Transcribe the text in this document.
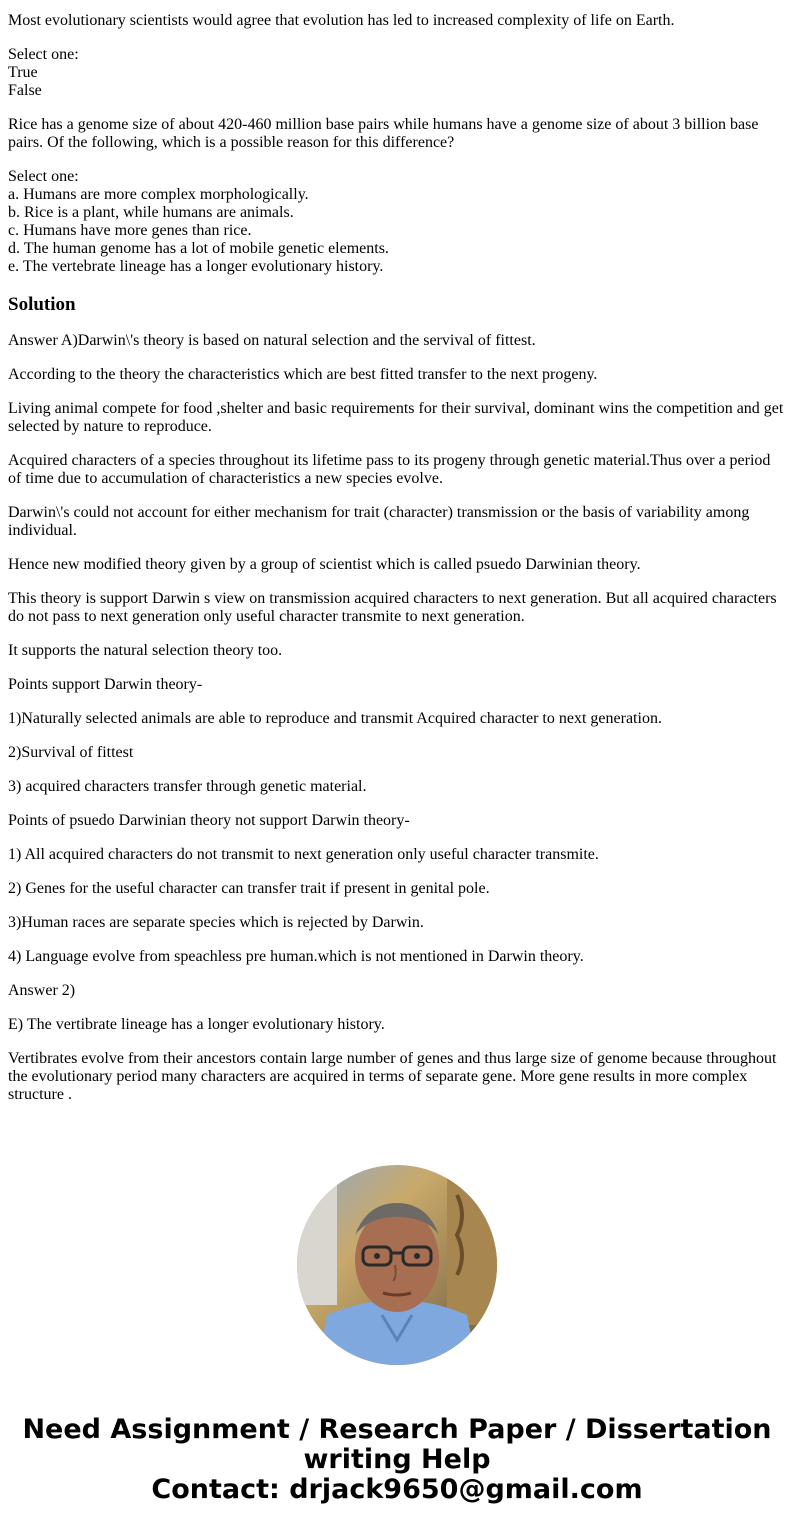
Most evolutionary scientists would agree that evolution has led to increased complexity of life on Earth.

Select one:
True
False

Rice has a genome size of about 420-460 million base pairs while humans have a genome size of about 3 billion base pairs. Of the following, which is a possible reason for this difference?

Select one:
a. Humans are more complex morphologically.
b. Rice is a plant, while humans are animals.
c. Humans have more genes than rice.
d. The human genome has a lot of mobile genetic elements.
e. The vertebrate lineage has a longer evolutionary history.

Solution

Answer A)Darwin\'s theory is based on natural selection and the servival of fittest.

According to the theory the characteristics which are best fitted transfer to the next progeny.

Living animal compete for food ,shelter and basic requirements for their survival, dominant wins the competition and get selected by nature to reproduce.

Acquired characters of a species throughout its lifetime pass to its progeny through genetic material.Thus over a period of time due to accumulation of characteristics a new species evolve.

Darwin\'s could not account for either mechanism for trait (character) transmission or the basis of variability among individual.

Hence new modified theory given by a group of scientist which is called psuedo Darwinian theory.

This theory is support Darwin s view on transmission acquired characters to next generation. But all acquired characters do not pass to next generation only useful character transmite to next generation.

It supports the natural selection theory too.

Points support Darwin theory-

1)Naturally selected animals are able to reproduce and transmit Acquired character to next generation.

2)Survival of fittest

3) acquired characters transfer through genetic material.

Points of psuedo Darwinian theory not support Darwin theory-

1) All acquired characters do not transmit to next generation only useful character transmite.

2) Genes for the useful character can transfer trait if present in genital pole.

3)Human races are separate species which is rejected by Darwin.

4) Language evolve from speachless pre human.which is not mentioned in Darwin theory.

Answer 2)

E) The vertibrate lineage has a longer evolutionary history.

Vertibrates evolve from their ancestors contain large number of genes and thus large size of genome because throughout the evolutionary period many characters are acquired in terms of separate gene. More gene results in more complex structure .

Need Assignment / Research Paper / Dissertation
writing Help
Contact: drjack9650@gmail.com
